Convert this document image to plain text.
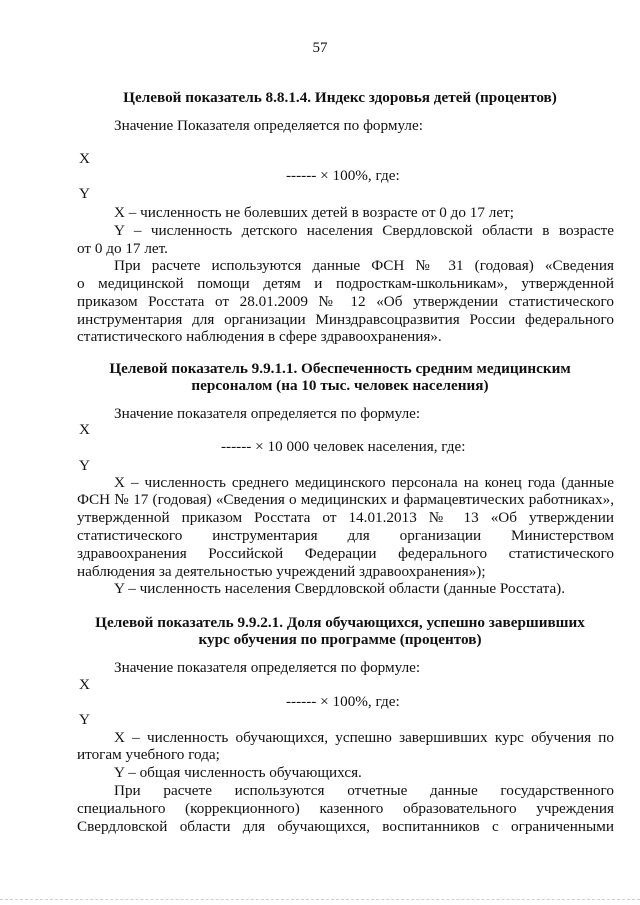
57
Целевой показатель 8.8.1.4. Индекс здоровья детей (процентов)
Значение Показателя определяется по формуле:
X
------ × 100%, где:
Y
X – численность не болевших детей в возрасте от 0 до 17 лет;
Y – численность детского населения Свердловской области в возрасте
от 0 до 17 лет.
При расчете используются данные ФСН № 31 (годовая) «Сведения
о медицинской помощи детям и подросткам-школьникам», утвержденной
приказом Росстата от 28.01.2009 № 12 «Об утверждении статистического
инструментария для организации Минздравсоцразвития России федерального
статистического наблюдения в сфере здравоохранения».
Целевой показатель 9.9.1.1. Обеспеченность средним медицинским
персоналом (на 10 тыс. человек населения)
Значение показателя определяется по формуле:
X
------ × 10 000 человек населения, где:
Y
X – численность среднего медицинского персонала на конец года (данные
ФСН № 17 (годовая) «Сведения о медицинских и фармацевтических работниках»,
утвержденной приказом Росстата от 14.01.2013 № 13 «Об утверждении
статистического инструментария для организации Министерством
здравоохранения Российской Федерации федерального статистического
наблюдения за деятельностью учреждений здравоохранения»);
Y – численность населения Свердловской области (данные Росстата).
Целевой показатель 9.9.2.1. Доля обучающихся, успешно завершивших
курс обучения по программе (процентов)
Значение показателя определяется по формуле:
X
------ × 100%, где:
Y
X – численность обучающихся, успешно завершивших курс обучения по
итогам учебного года;
Y – общая численность обучающихся.
При расчете используются отчетные данные государственного
специального (коррекционного) казенного образовательного учреждения
Свердловской области для обучающихся, воспитанников с ограниченными
